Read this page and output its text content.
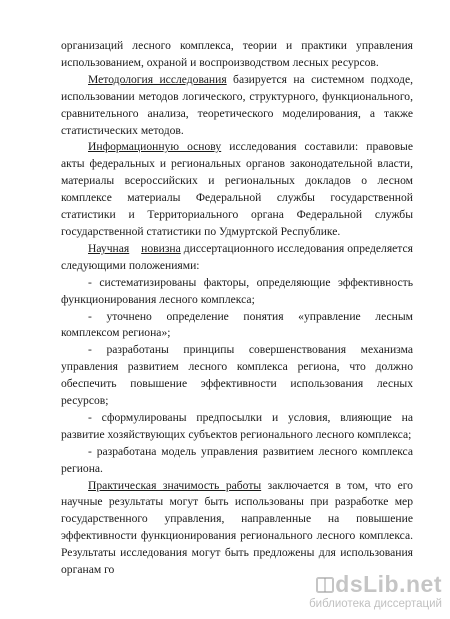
организаций лесного комплекса, теории и практики управления использованием, охраной и воспроизводством лесных ресурсов.

Методология исследования базируется на системном подходе, использовании методов логического, структурного, функционального, сравнительного анализа, теоретического моделирования, а также статистических методов.

Информационную основу исследования составили: правовые акты федеральных и региональных органов законодательной власти, материалы всероссийских и региональных докладов о лесном комплексе материалы Федеральной службы государственной статистики и Территориального органа Федеральной службы государственной статистики по Удмуртской Республике.

Научная новизна диссертационного исследования определяется следующими положениями:

- систематизированы факторы, определяющие эффективность функционирования лесного комплекса;

- уточнено определение понятия «управление лесным комплексом региона»;

- разработаны принципы совершенствования механизма управления развитием лесного комплекса региона, что должно обеспечить повышение эффективности использования лесных ресурсов;

- сформулированы предпосылки и условия, влияющие на развитие хозяйствующих субъектов регионального лесного комплекса;

- разработана модель управления развитием лесного комплекса региона.

Практическая значимость работы заключается в том, что его научные результаты могут быть использованы при разработке мер государственного управления, направленные на повышение эффективности функционирования регионального лесного комплекса. Результаты исследования могут быть предложены для использования органам го

dsLib.net
библиотека диссертаций
